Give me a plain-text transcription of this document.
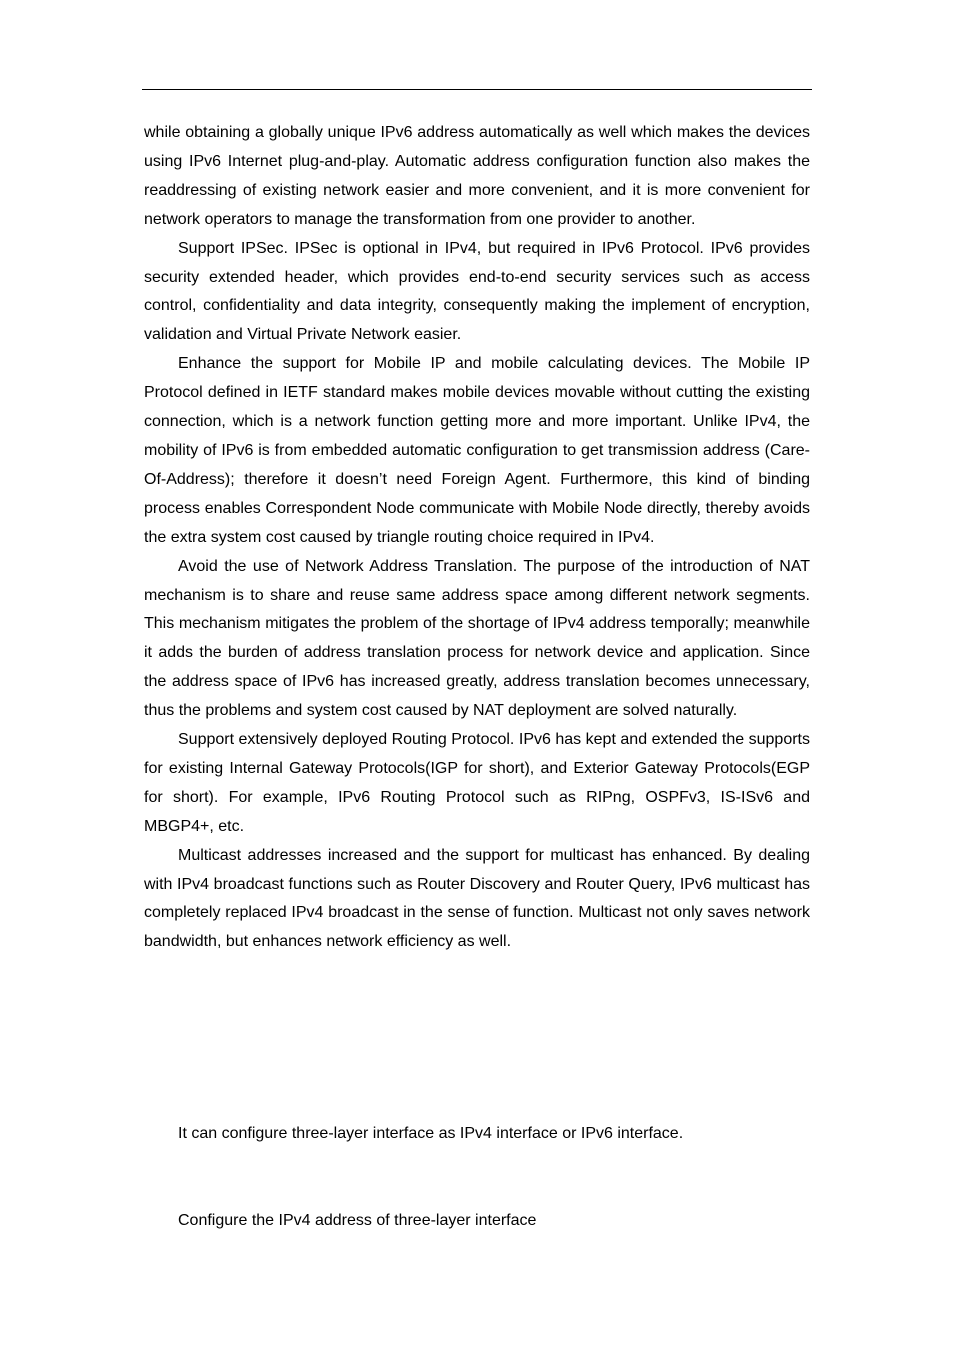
while obtaining a globally unique IPv6 address automatically as well which makes the devices using IPv6 Internet plug-and-play. Automatic address configuration function also makes the readdressing of existing network easier and more convenient, and it is more convenient for network operators to manage the transformation from one provider to another.

Support IPSec. IPSec is optional in IPv4, but required in IPv6 Protocol. IPv6 provides security extended header, which provides end-to-end security services such as access control, confidentiality and data integrity, consequently making the implement of encryption, validation and Virtual Private Network easier.

Enhance the support for Mobile IP and mobile calculating devices. The Mobile IP Protocol defined in IETF standard makes mobile devices movable without cutting the existing connection, which is a network function getting more and more important. Unlike IPv4, the mobility of IPv6 is from embedded automatic configuration to get transmission address (Care-Of-Address); therefore it doesn’t need Foreign Agent. Furthermore, this kind of binding process enables Correspondent Node communicate with Mobile Node directly, thereby avoids the extra system cost caused by triangle routing choice required in IPv4.

Avoid the use of Network Address Translation. The purpose of the introduction of NAT mechanism is to share and reuse same address space among different network segments. This mechanism mitigates the problem of the shortage of IPv4 address temporally; meanwhile it adds the burden of address translation process for network device and application. Since the address space of IPv6 has increased greatly, address translation becomes unnecessary, thus the problems and system cost caused by NAT deployment are solved naturally.

Support extensively deployed Routing Protocol. IPv6 has kept and extended the supports for existing Internal Gateway Protocols(IGP for short), and Exterior Gateway Protocols(EGP for short). For example, IPv6 Routing Protocol such as RIPng, OSPFv3, IS-ISv6 and MBGP4+, etc.

Multicast addresses increased and the support for multicast has enhanced. By dealing with IPv4 broadcast functions such as Router Discovery and Router Query, IPv6 multicast has completely replaced IPv4 broadcast in the sense of function. Multicast not only saves network bandwidth, but enhances network efficiency as well.

It can configure three-layer interface as IPv4 interface or IPv6 interface.
Configure the IPv4 address of three-layer interface
